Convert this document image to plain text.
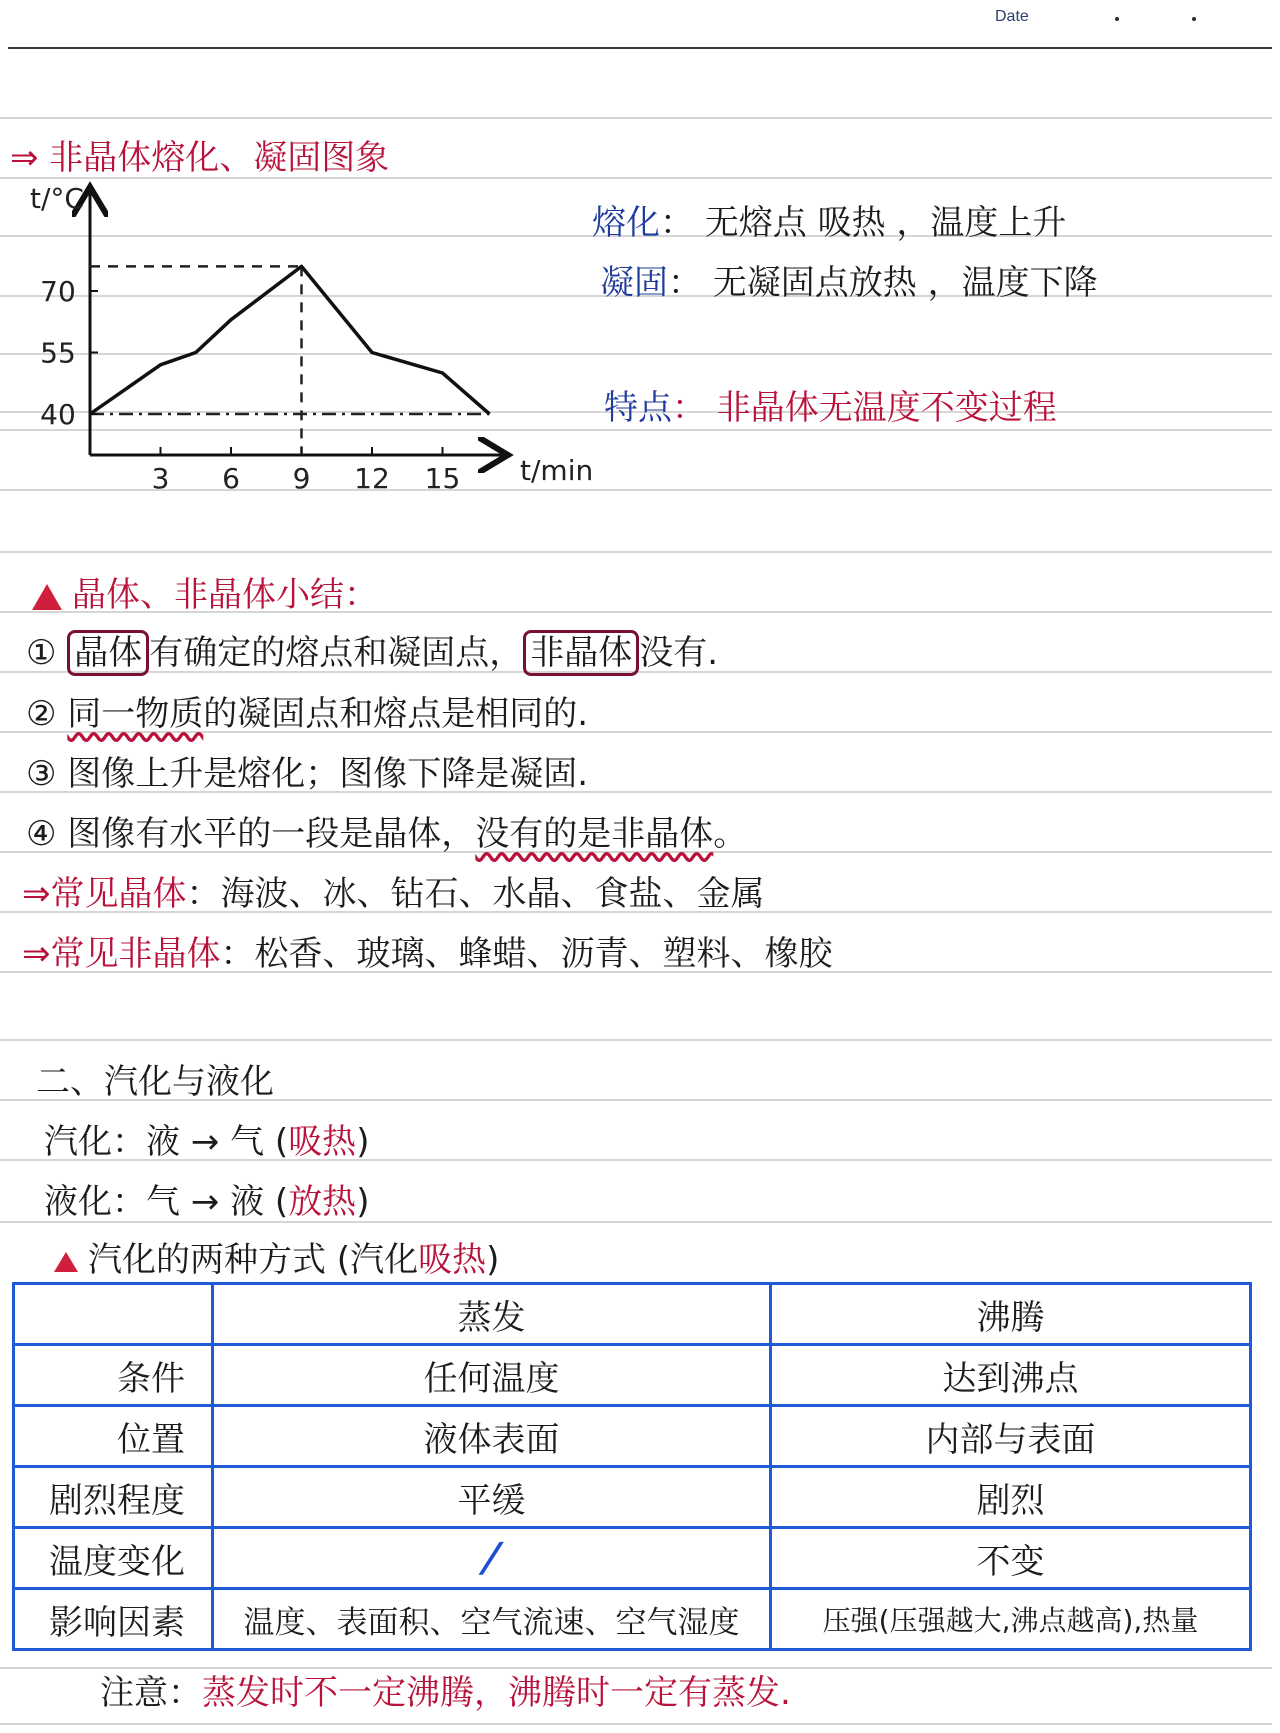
Date
⇒ 非晶体熔化、凝固图象
t/°C
t/min
3 6 9 12 15
40
55
70
熔化： 无熔点 吸热 ，温度上升
凝固： 无凝固点放热 ，温度下降
特点： 非晶体无温度不变过程
晶体、非晶体小结：
① 晶体 有确定的熔点和凝固点， 非晶体 没有.
② 同一物质的凝固点和熔点是相同的.
③ 图像上升是熔化；图像下降是凝固.
④ 图像有水平的一段是晶体，没有的是非晶体。
⇒常见晶体：海波、冰、钻石、水晶、食盐、金属
⇒常见非晶体：松香、玻璃、蜂蜡、沥青、塑料、橡胶
二、汽化与液化
汽化：液 → 气 (吸热)
液化：气 → 液 (放热)
汽化的两种方式 (汽化吸热)
	蒸发	沸腾
条件	任何温度	达到沸点
位置	液体表面	内部与表面
剧烈程度	平缓	剧烈
温度变化	/	不变
影响因素	温度、表面积、空气流速、空气湿度	压强(压强越大,沸点越高),热量
注意：蒸发时不一定沸腾，沸腾时一定有蒸发.
